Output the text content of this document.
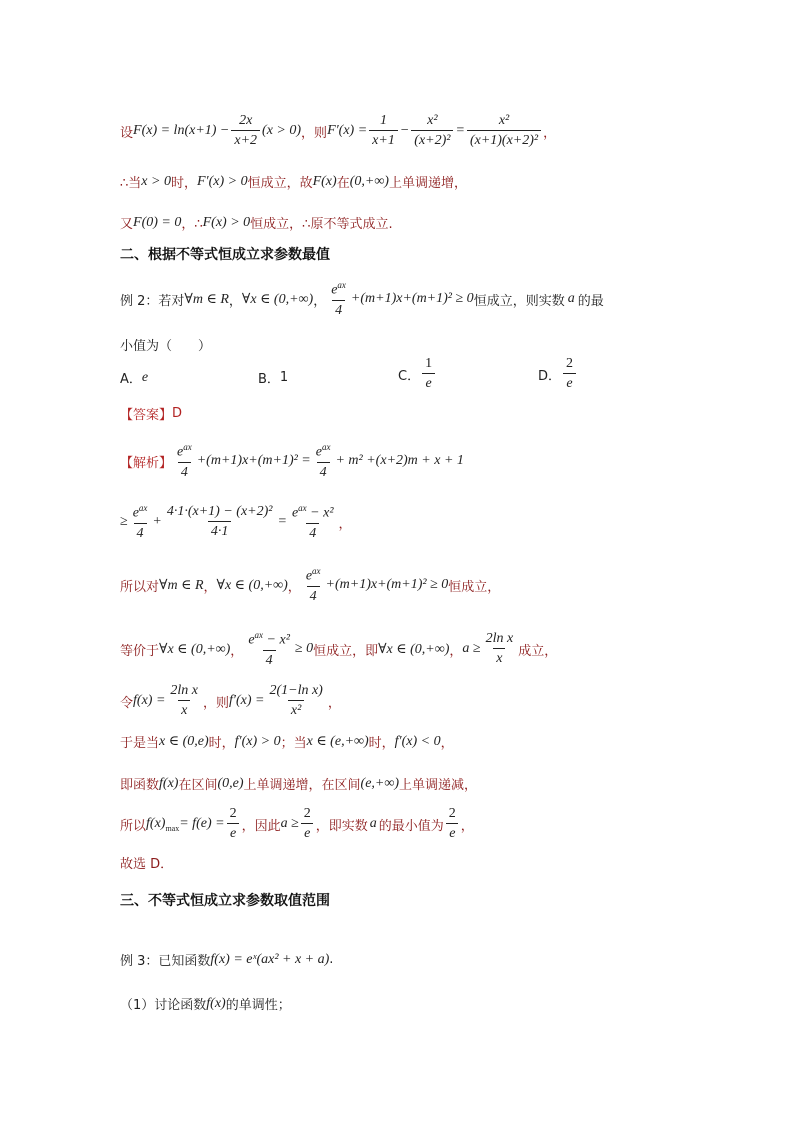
设 $F(x) = \ln(x+1) - \frac{2x}{x+2} (x > 0)$ ，则 $F'(x) = \frac{1}{x+1} - \frac{\text{x²}}{\text{(x+2)²}} = \frac{\text{x²}}{\text{(x+1)(x+2)²}}$ ，
∴当 x > 0 时， F′(x) > 0 恒成立，故 F(x) 在 (0,+∞) 上单调递增，
又 F(0) = 0 ，∴ F(x) > 0 恒成立，∴原不等式成立.
二、根据不等式恒成立求参数最值
例 2：若对 ∀m ∈ R ， ∀x ∈ (0,+∞) ， $\frac{e^{ax}}{4} +(m+1)x+(m+1)^2 \ge 0$ 恒成立，则实数 a 的最
小值为（　　）
A． e	B． 1	C． $\frac{1}{e}$	D． $\frac{2}{e}$
【答案】 D
【解析】 $\frac{e^{ax}}{4} +(m+1)x+(m+1)^2 = \frac{e^{ax}}{4} + m^2 +(x+2)m + x + 1$
≥ $\frac{e^{ax}}{4} + \frac{\text{4·1·(x+1) − (x+2)²}}{4\cdot 1} = \frac{e^{ax} - x^2}{4}$ ，
所以对 ∀m ∈ R ， ∀x ∈ (0,+∞) ， $\frac{e^{ax}}{4} +(m+1)x+(m+1)^2 \ge 0$ 恒成立，
等价于 ∀x ∈ (0,+∞) ， $\frac{e^{ax} - x^2}{4} \ge 0$ 恒成立，即 ∀x ∈ (0,+∞) ， $a \ge \frac{\text{2ln x}}{x}$ 成立，
令 $f(x) = \frac{\text{2ln x}}{x}$ ，则 $f'(x) = \frac{\text{2(1−ln x)}}{\text{x²}}$ ，
于是当 x ∈ (0,e) 时， f′(x) > 0 ；当 x ∈ (e,+∞) 时， f′(x) < 0 ，
即函数 f(x) 在区间 (0,e) 上单调递增，在区间 (e,+∞) 上单调递减，
所以 $f(x)_{max} = f(e) = \frac{2}{e}$ ，因此 $a \ge \frac{2}{e}$ ，即实数 a 的最小值为 $\frac{2}{e}$ ，
故选 D．
三、不等式恒成立求参数取值范围
例 3：已知函数 f(x) = eˣ(ax² + x + a) .
（1）讨论函数 f(x) 的单调性；
